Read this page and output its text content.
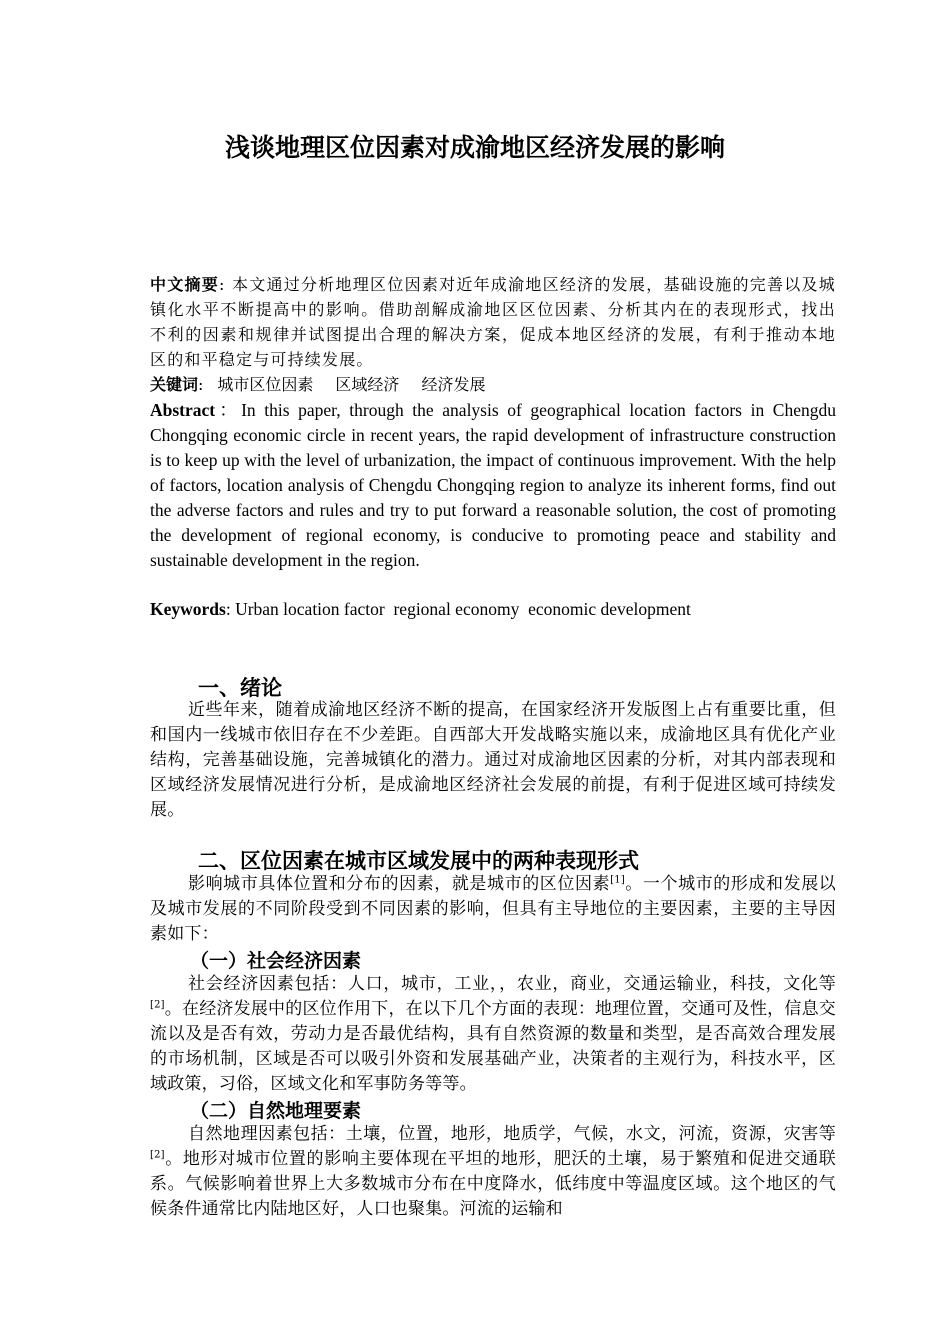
浅谈地理区位因素对成渝地区经济发展的影响
中文摘要: 本文通过分析地理区位因素对近年成渝地区经济的发展，基础设施的完善以及城镇化水平不断提高中的影响。借助剖解成渝地区区位因素、分析其内在的表现形式，找出不利的因素和规律并试图提出合理的解决方案，促成本地区经济的发展，有利于推动本地区的和平稳定与可持续发展。
关键词: 城市区位因素 区域经济 经济发展
Abstract：In this paper, through the analysis of geographical location factors in Chengdu Chongqing economic circle in recent years, the rapid development of infrastructure construction is to keep up with the level of urbanization, the impact of continuous improvement. With the help of factors, location analysis of Chengdu Chongqing region to analyze its inherent forms, find out the adverse factors and rules and try to put forward a reasonable solution, the cost of promoting the development of regional economy, is conducive to promoting peace and stability and sustainable development in the region.
Keywords: Urban location factor  regional economy  economic development
一、绪论
近些年来，随着成渝地区经济不断的提高，在国家经济开发版图上占有重要比重，但和国内一线城市依旧存在不少差距。自西部大开发战略实施以来，成渝地区具有优化产业结构，完善基础设施，完善城镇化的潜力。通过对成渝地区因素的分析，对其内部表现和区域经济发展情况进行分析，是成渝地区经济社会发展的前提，有利于促进区域可持续发展。
二、区位因素在城市区域发展中的两种表现形式
影响城市具体位置和分布的因素，就是城市的区位因素[1]。一个城市的形成和发展以及城市发展的不同阶段受到不同因素的影响，但具有主导地位的主要因素，主要的主导因素如下：
（一）社会经济因素
社会经济因素包括：人口，城市，工业，，农业，商业，交通运输业，科技，文化等[2]。在经济发展中的区位作用下，在以下几个方面的表现：地理位置，交通可及性，信息交流以及是否有效，劳动力是否最优结构，具有自然资源的数量和类型，是否高效合理发展的市场机制，区域是否可以吸引外资和发展基础产业，决策者的主观行为，科技水平，区域政策，习俗，区域文化和军事防务等等。
（二）自然地理要素
自然地理因素包括：土壤，位置，地形，地质学，气候，水文，河流，资源，灾害等[2]。地形对城市位置的影响主要体现在平坦的地形，肥沃的土壤，易于繁殖和促进交通联系。气候影响着世界上大多数城市分布在中度降水，低纬度中等温度区域。这个地区的气候条件通常比内陆地区好，人口也聚集。河流的运输和
